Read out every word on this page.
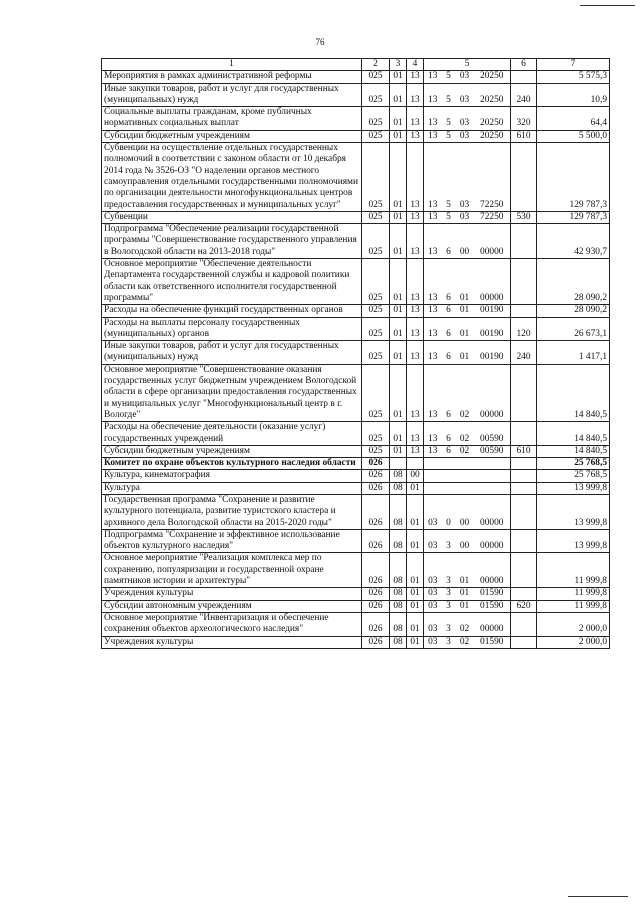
76
1	2	3	4	5				6	7
Мероприятия в рамках административной реформы	025	01	13	13	5	03	20250		5 575,3
Иные закупки товаров, работ и услуг для государственных (муниципальных) нужд	025	01	13	13	5	03	20250	240	10,9
Социальные выплаты гражданам, кроме публичных нормативных социальных выплат	025	01	13	13	5	03	20250	320	64,4
Субсидии бюджетным учреждениям	025	01	13	13	5	03	20250	610	5 500,0
Субвенции на осуществление отдельных государственных полномочий в соответствии с законом области от 10 декабря 2014 года № 3526-ОЗ "О наделении органов местного самоуправления отдельными государственными полномочиями по организации деятельности многофункциональных центров предоставления государственных и муниципальных услуг"	025	01	13	13	5	03	72250		129 787,3
Субвенции	025	01	13	13	5	03	72250	530	129 787,3
Подпрограмма "Обеспечение реализации государственной программы "Совершенствование государственного управления в Вологодской области на 2013-2018 годы"	025	01	13	13	6	00	00000		42 930,7
Основное мероприятие "Обеспечение деятельности Департамента государственной службы и кадровой политики области как ответственного исполнителя государственной программы"	025	01	13	13	6	01	00000		28 090,2
Расходы на обеспечение функций государственных органов	025	01	13	13	6	01	00190		28 090,2
Расходы на выплаты персоналу государственных (муниципальных) органов	025	01	13	13	6	01	00190	120	26 673,1
Иные закупки товаров, работ и услуг для государственных (муниципальных) нужд	025	01	13	13	6	01	00190	240	1 417,1
Основное мероприятие "Совершенствование оказания государственных услуг бюджетным учреждением Вологодской области в сфере организации предоставления государственных и муниципальных услуг "Многофункциональный центр в г. Вологде"	025	01	13	13	6	02	00000		14 840,5
Расходы на обеспечение деятельности (оказание услуг) государственных учреждений	025	01	13	13	6	02	00590		14 840,5
Субсидии бюджетным учреждениям	025	01	13	13	6	02	00590	610	14 840,5
Комитет по охране объектов культурного наследия области	026								25 768,5
Культура, кинематография	026	08	00						25 768,5
Культура	026	08	01						13 999,8
Государственная программа "Сохранение и развитие культурного потенциала, развитие туристского кластера и архивного дела Вологодской области на 2015-2020 годы"	026	08	01	03	0	00	00000		13 999,8
Подпрограмма "Сохранение и эффективное использование объектов культурного наследия"	026	08	01	03	3	00	00000		13 999,8
Основное мероприятие "Реализация комплекса мер по сохранению, популяризации и государственной охране памятников истории и архитектуры"	026	08	01	03	3	01	00000		11 999,8
Учреждения культуры	026	08	01	03	3	01	01590		11 999,8
Субсидии автономным учреждениям	026	08	01	03	3	01	01590	620	11 999,8
Основное мероприятие "Инвентаризация и обеспечение сохранения объектов археологического наследия"	026	08	01	03	3	02	00000		2 000,0
Учреждения культуры	026	08	01	03	3	02	01590		2 000,0
